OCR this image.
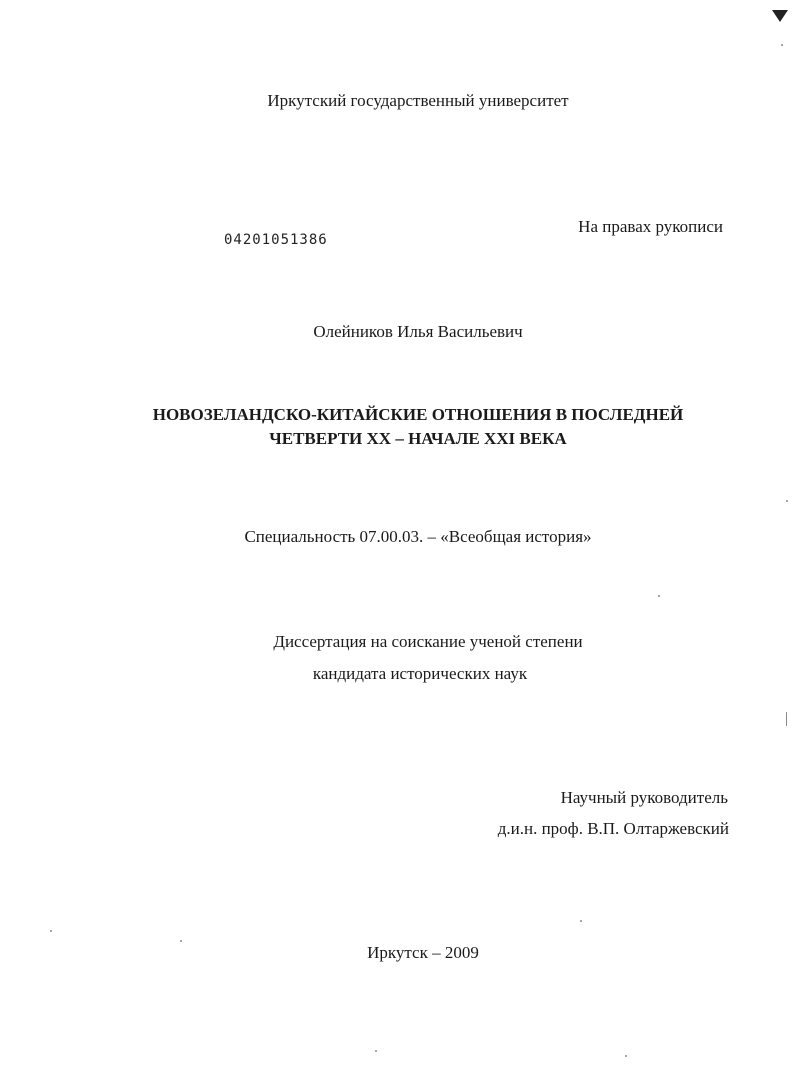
Иркутский государственный университет
04201051386
На правах рукописи
Олейников Илья Васильевич
НОВОЗЕЛАНДСКО-КИТАЙСКИЕ ОТНОШЕНИЯ В ПОСЛЕДНЕЙ
ЧЕТВЕРТИ XX – НАЧАЛЕ XXI ВЕКА
Специальность 07.00.03. – «Всеобщая история»
Диссертация на соискание ученой степени
кандидата исторических наук
Научный руководитель
д.и.н. проф. В.П. Олтаржевский
Иркутск – 2009
